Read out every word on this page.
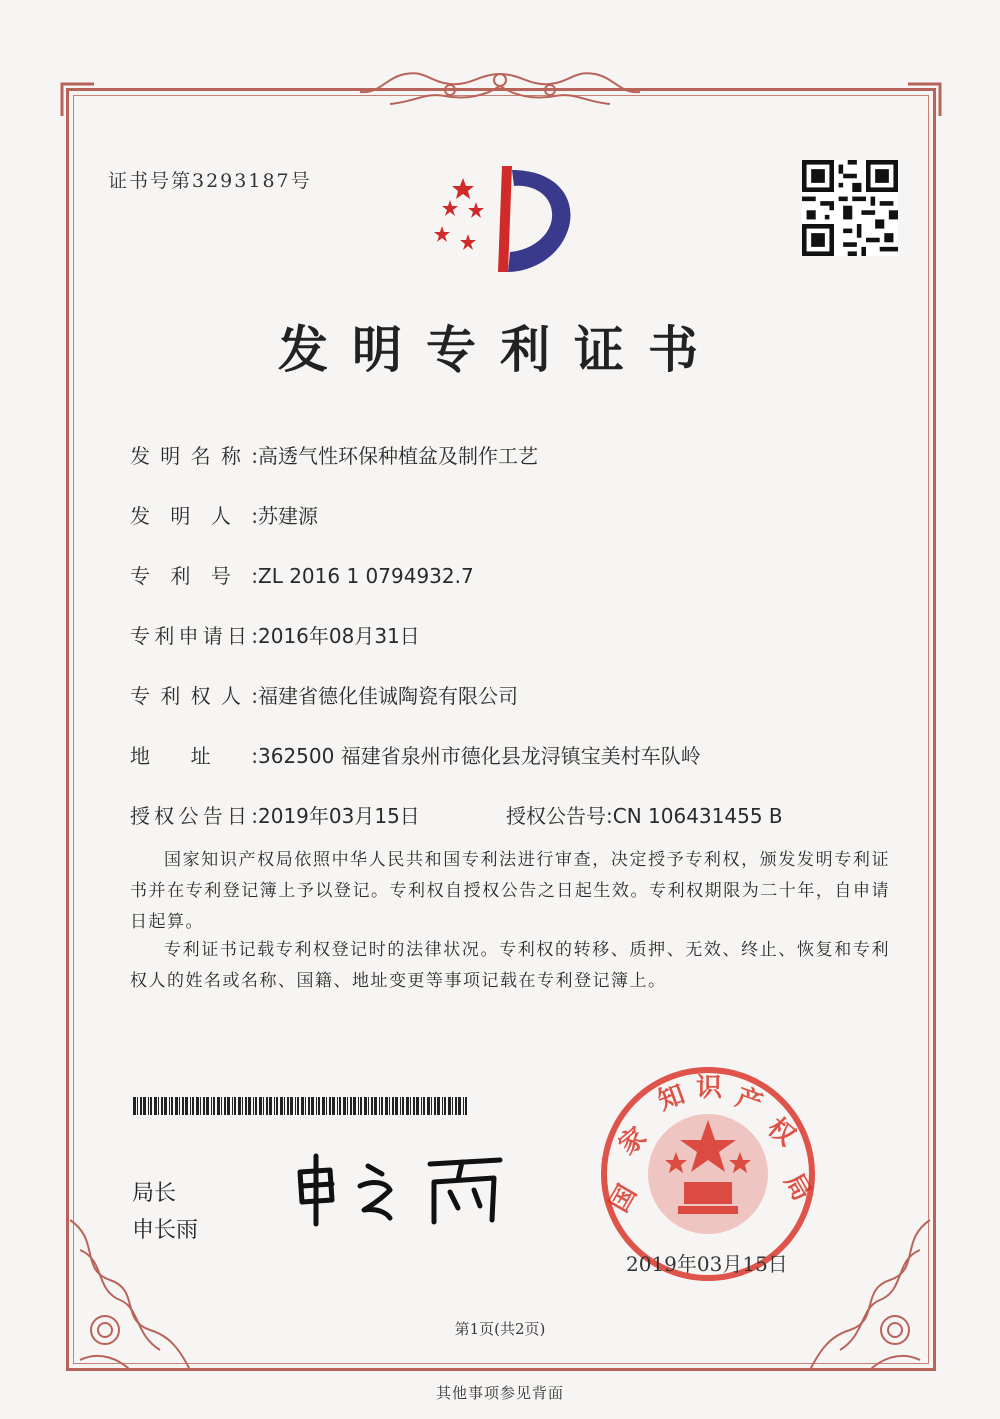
证书号第3293187号
发明专利证书
发明名称:高透气性环保种植盆及制作工艺
发明人:苏建源
专利号:ZL 2016 1 0794932.7
专利申请日:2016年08月31日
专利权人:福建省德化佳诚陶瓷有限公司
地址:362500 福建省泉州市德化县龙浔镇宝美村车队岭
授权公告日:2019年03月15日	授权公告号:CN 106431455 B
国家知识产权局依照中华人民共和国专利法进行审查，决定授予专利权，颁发发明专利证书并在专利登记簿上予以登记。专利权自授权公告之日起生效。专利权期限为二十年，自申请日起算。
专利证书记载专利权登记时的法律状况。专利权的转移、质押、无效、终止、恢复和专利权人的姓名或名称、国籍、地址变更等事项记载在专利登记簿上。
局长
申长雨
国
家
知 识 产
权
局
2019年03月15日
第1页(共2页)
其他事项参见背面
